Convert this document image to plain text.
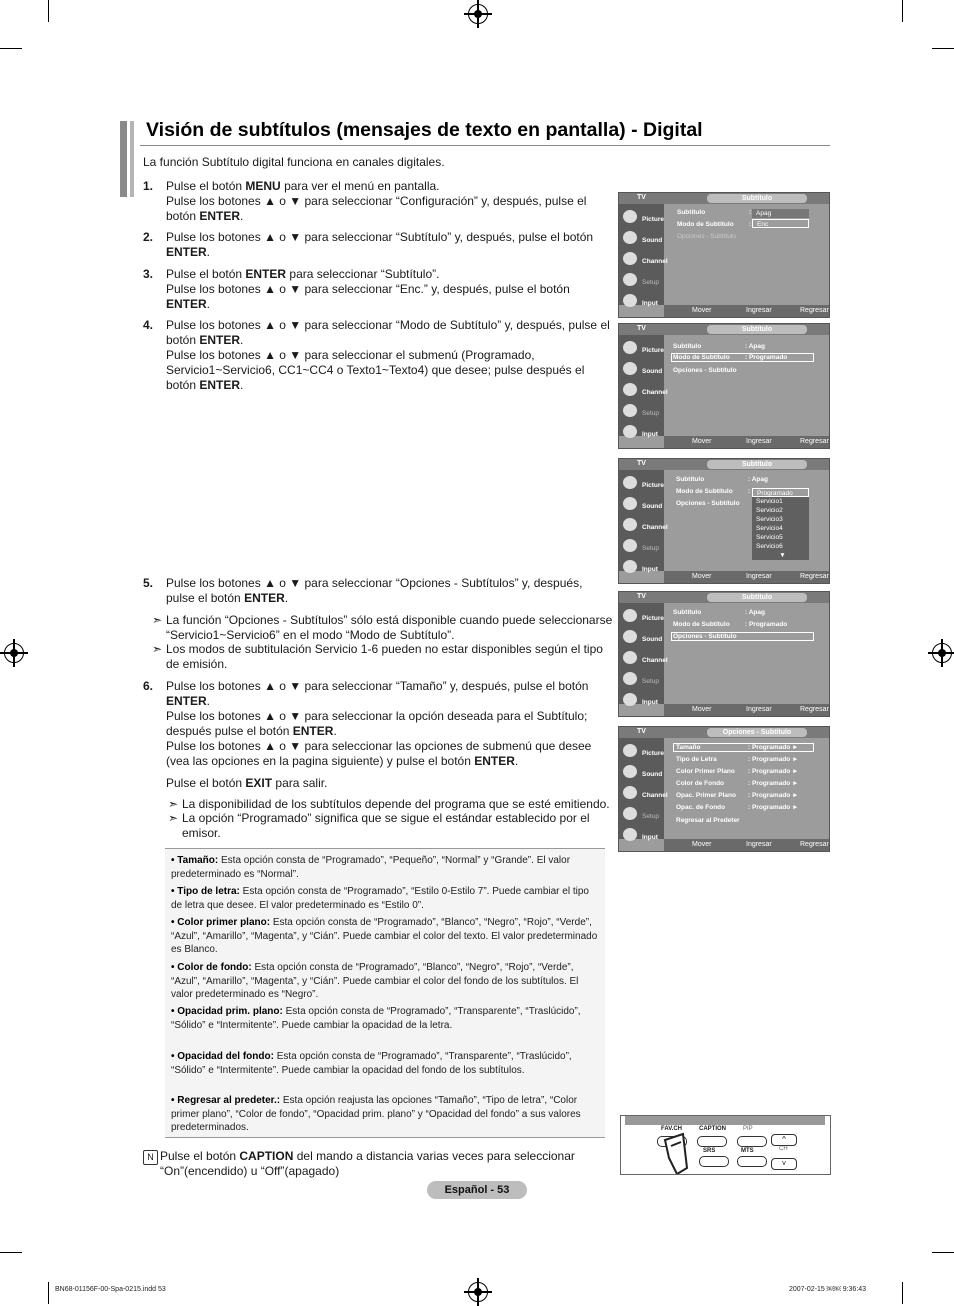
Visión de subtítulos (mensajes de texto en pantalla) - Digital
La función Subtítulo digital funciona en canales digitales.
1. Pulse el botón MENU para ver el menú en pantalla.
Pulse los botones ▲ o ▼ para seleccionar “Configuración” y, después, pulse el botón ENTER.
2. Pulse los botones ▲ o ▼ para seleccionar “Subtítulo” y, después, pulse el botón ENTER.
3. Pulse el botón ENTER para seleccionar “Subtítulo”.
Pulse los botones ▲ o ▼ para seleccionar “Enc.” y, después, pulse el botón ENTER.
4. Pulse los botones ▲ o ▼ para seleccionar “Modo de Subtítulo” y, después, pulse el botón ENTER.
Pulse los botones ▲ o ▼ para seleccionar el submenú (Programado, Servicio1~Servicio6, CC1~CC4 o Texto1~Texto4) que desee; pulse después el botón ENTER.
5. Pulse los botones ▲ o ▼ para seleccionar “Opciones - Subtítulos” y, después, pulse el botón ENTER.
➣ La función “Opciones - Subtítulos” sólo está disponible cuando puede seleccionarse “Servicio1~Servicio6” en el modo “Modo de Subtítulo”.
➣ Los modos de subtitulación Servicio 1-6 pueden no estar disponibles según el tipo de emisión.
6. Pulse los botones ▲ o ▼ para seleccionar “Tamaño” y, después, pulse el botón ENTER.
Pulse los botones ▲ o ▼ para seleccionar la opción deseada para el Subtítulo; después pulse el botón ENTER.
Pulse los botones ▲ o ▼ para seleccionar las opciones de submenú que desee (vea las opciones en la pagina siguiente) y pulse el botón ENTER.
Pulse el botón EXIT para salir.
➣ La disponibilidad de los subtítulos depende del programa que se esté emitiendo.
➣ La opción “Programado” significa que se sigue el estándar establecido por el emisor.
• Tamaño: Esta opción consta de “Programado”, “Pequeño”, “Normal” y “Grande”. El valor predeterminado es “Normal”.
• Tipo de letra: Esta opción consta de “Programado”, “Estilo 0-Estilo 7”. Puede cambiar el tipo de letra que desee. El valor predeterminado es “Estilo 0”.
• Color primer plano: Esta opción consta de “Programado”, “Blanco”, “Negro”, “Rojo”, “Verde”, “Azul”, “Amarillo”, “Magenta”, y “Cián”. Puede cambiar el color del texto. El valor predeterminado es Blanco.
• Color de fondo: Esta opción consta de “Programado”, “Blanco”, “Negro”, “Rojo”, “Verde”, “Azul”, “Amarillo”, “Magenta”, y “Cián”. Puede cambiar el color del fondo de los subtítulos. El valor predeterminado es “Negro”.
• Opacidad prim. plano: Esta opción consta de “Programado”, “Transparente”, “Traslúcido”, “Sólido” e “Intermitente”. Puede cambiar la opacidad de la letra.
• Opacidad del fondo: Esta opción consta de “Programado”, “Transparente”, “Traslúcido”, “Sólido” e “Intermitente”. Puede cambiar la opacidad del fondo de los subtítulos.
• Regresar al predeter.: Esta opción reajusta las opciones “Tamaño”, “Tipo de letra”, “Color primer plano”, “Color de fondo”, “Opacidad prim. plano” y “Opacidad del fondo” a sus valores predeterminados.
N Pulse el botón CAPTION del mando a distancia varias veces para seleccionar “On”(encendido) u “Off”(apagado)
TV	Subtítulo
Picture
Sound
Channel
Setup
Input
Subtítulo	:
Modo de Subtítulo :
Opciones - Subtítulo
Apag
Enc
Mover	Ingresar	Regresar
TV	Subtítulo
Picture
Sound
Channel
Setup
Input
Subtítulo	: Apag
Modo de Subtítulo : Programado
Opciones - Subtítulo
Mover	Ingresar	Regresar
TV	Subtítulo
Picture
Sound
Channel
Setup
Input
Subtítulo	: Apag
Modo de Subtítulo :
Opciones - Subtítulo
Programado
Servicio1
Servicio2
Servicio3
Servicio4
Servicio5
Servicio6
▼
Mover	Ingresar	Regresar
TV	Subtítulo
Picture
Sound
Channel
Setup
Input
Subtítulo	: Apag
Modo de Subtítulo : Programado
Opciones - Subtítulo
Mover	Ingresar	Regresar
TV	Opciones - Subtítulo
Picture
Sound
Channel
Setup
Input
Tamaño	: Programado ►
Tipo de Letra	: Programado ►
Color Primer Plano : Programado ►
Color de Fondo	: Programado ►
Opac. Primer Plano : Programado ►
Opac. de Fondo	: Programado ►
Regresar al Predeter
Mover	Ingresar	Regresar
FAV.CH	CAPTION	PIP
SRS	MTS	CH
^
v
Español - 53
BN68-01156F-00-Spa-0215.indd 53	2007-02-15 ￼￼ 9:36:43
